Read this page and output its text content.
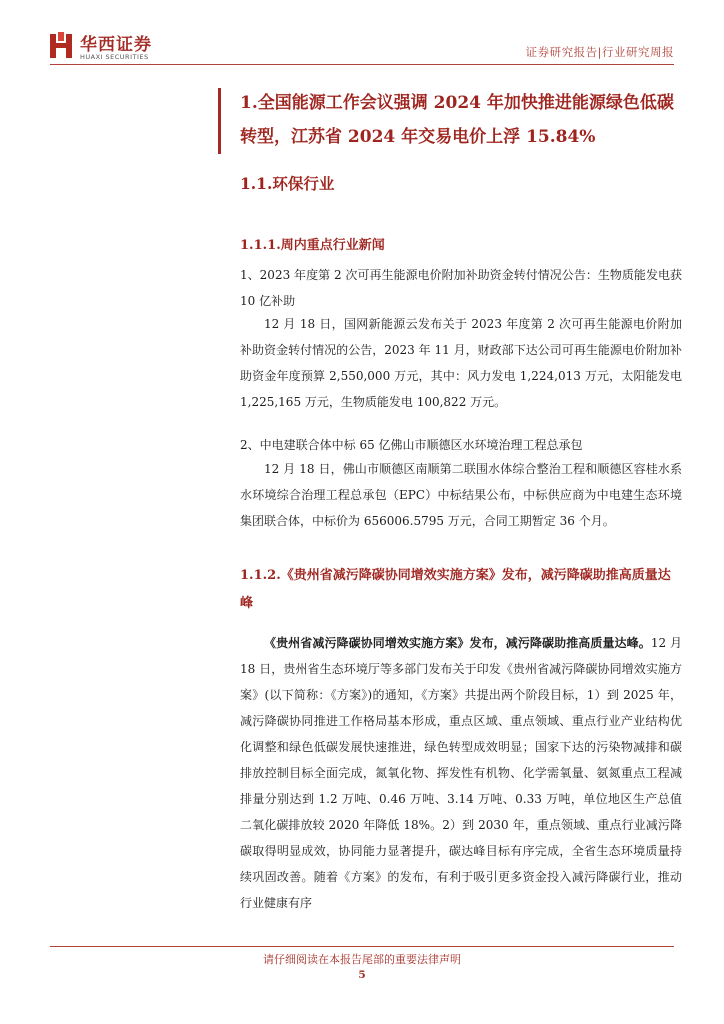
华西证券
HUAXI SECURITIES	证券研究报告|行业研究周报
1.全国能源工作会议强调 2024 年加快推进能源绿色低碳转型，江苏省 2024 年交易电价上浮 15.84%
1.1.环保行业
1.1.1.周内重点行业新闻
1、2023 年度第 2 次可再生能源电价附加补助资金转付情况公告：生物质能发电获 10 亿补助
12 月 18 日，国网新能源云发布关于 2023 年度第 2 次可再生能源电价附加补助资金转付情况的公告，2023 年 11 月，财政部下达公司可再生能源电价附加补助资金年度预算 2,550,000 万元，其中：风力发电 1,224,013 万元，太阳能发电 1,225,165 万元，生物质能发电 100,822 万元。
2、中电建联合体中标 65 亿佛山市顺德区水环境治理工程总承包
12 月 18 日，佛山市顺德区南顺第二联围水体综合整治工程和顺德区容桂水系水环境综合治理工程总承包（EPC）中标结果公布，中标供应商为中电建生态环境集团联合体，中标价为 656006.5795 万元，合同工期暂定 36 个月。
1.1.2.《贵州省减污降碳协同增效实施方案》发布，减污降碳助推高质量达峰
《贵州省减污降碳协同增效实施方案》发布，减污降碳助推高质量达峰。12 月 18 日，贵州省生态环境厅等多部门发布关于印发《贵州省减污降碳协同增效实施方案》(以下简称：《方案》)的通知，《方案》共提出两个阶段目标，1）到 2025 年，减污降碳协同推进工作格局基本形成，重点区域、重点领域、重点行业产业结构优化调整和绿色低碳发展快速推进，绿色转型成效明显；国家下达的污染物减排和碳排放控制目标全面完成，氮氧化物、挥发性有机物、化学需氧量、氨氮重点工程减排量分别达到 1.2 万吨、0.46 万吨、3.14 万吨、0.33 万吨，单位地区生产总值二氧化碳排放较 2020 年降低 18%。2）到 2030 年，重点领域、重点行业减污降碳取得明显成效，协同能力显著提升，碳达峰目标有序完成，全省生态环境质量持续巩固改善。随着《方案》的发布，有利于吸引更多资金投入减污降碳行业，推动行业健康有序
请仔细阅读在本报告尾部的重要法律声明
5
